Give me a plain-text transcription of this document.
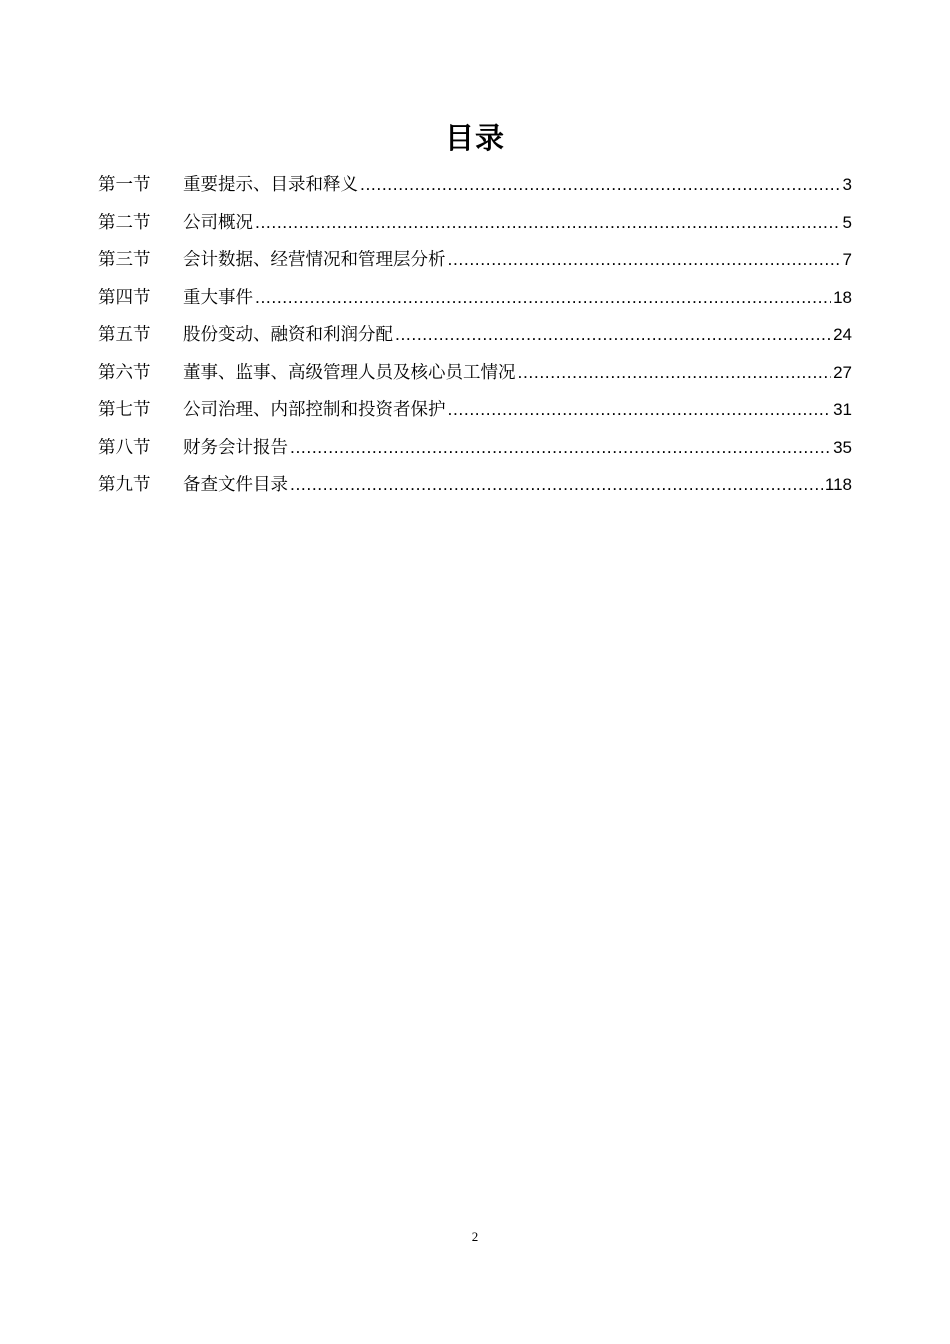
目录
第一节	重要提示、目录和释义 .....	3
第二节	公司概况 .....	5
第三节	会计数据、经营情况和管理层分析 .....	7
第四节	重大事件 .....	18
第五节	股份变动、融资和利润分配 .....	24
第六节	董事、监事、高级管理人员及核心员工情况 .....	27
第七节	公司治理、内部控制和投资者保护 .....	31
第八节	财务会计报告 .....	35
第九节	备查文件目录 .....	118
2
